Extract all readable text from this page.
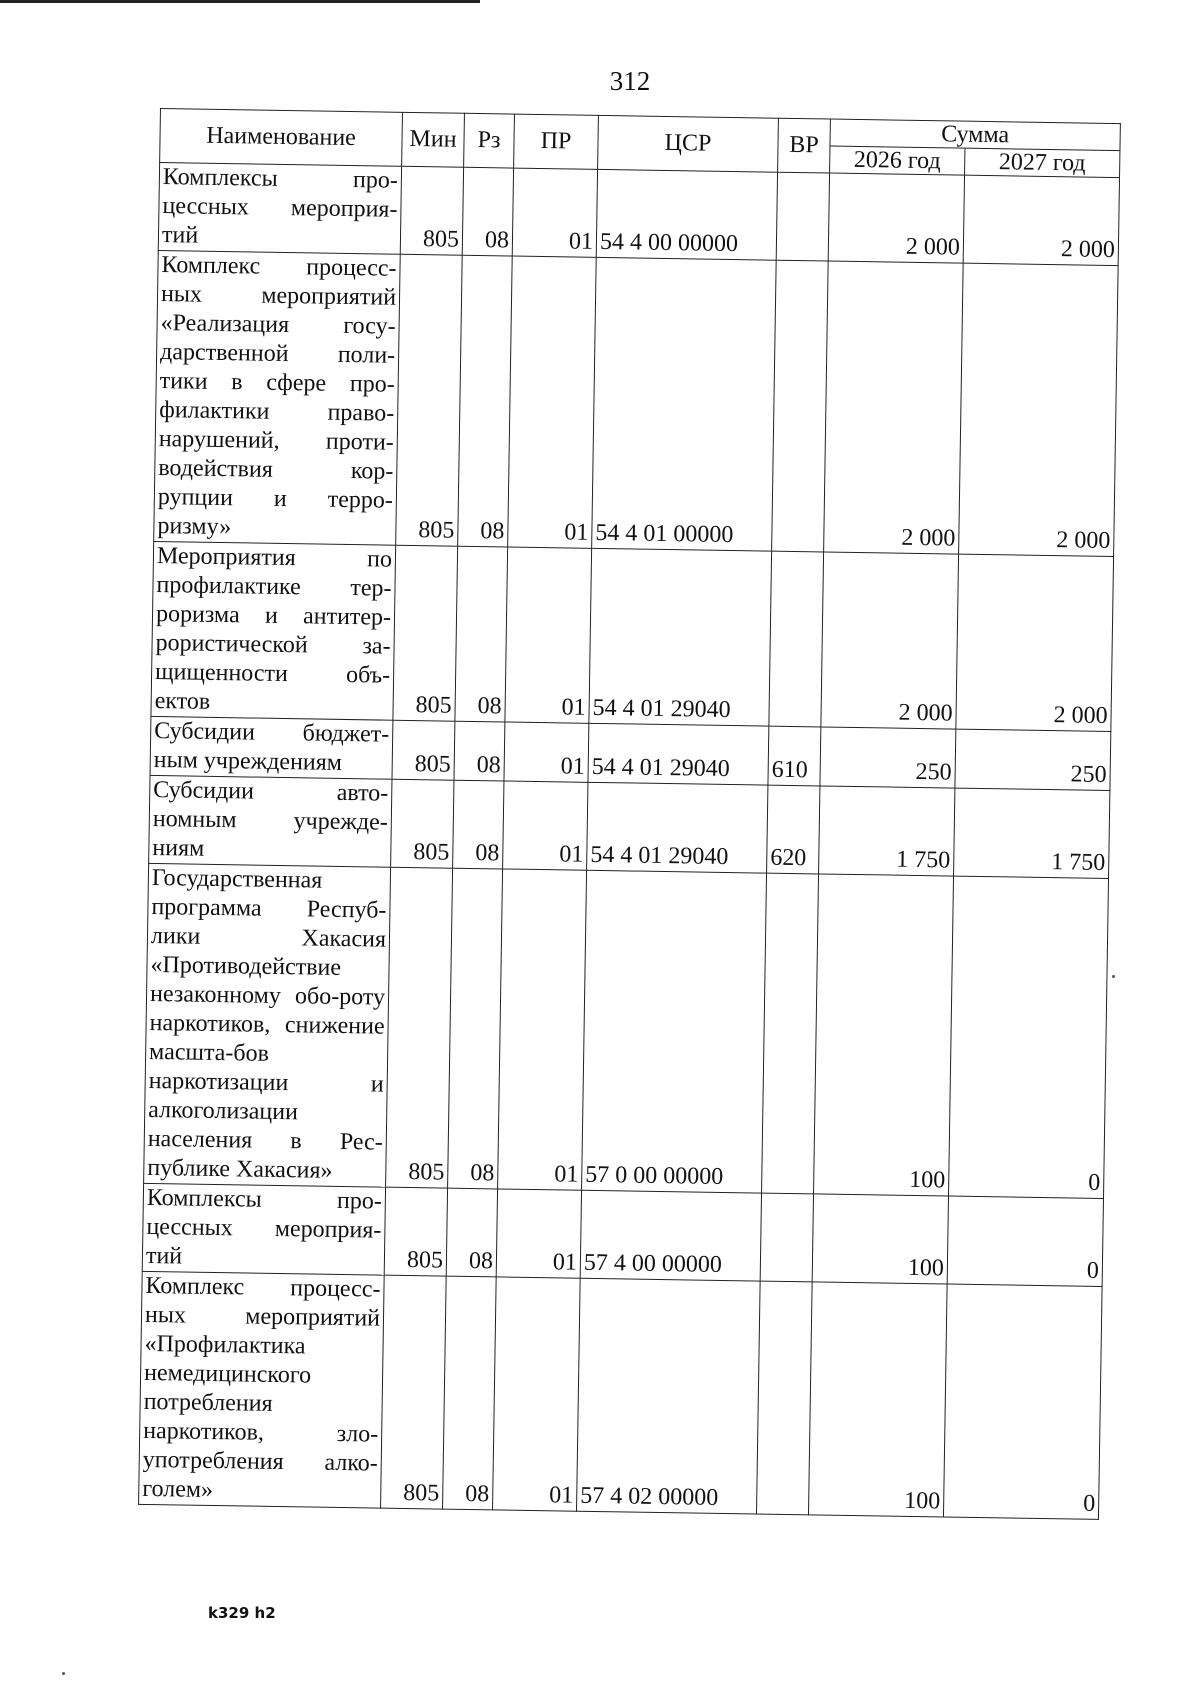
312
Наименование	Мин	Рз	ПР	ЦСР	ВР	Сумма	
						2026 год	2027 год
Комплексы про-цессных мероприя-тий	805	08	01	54 4 00 00000		2 000	2 000
Комплекс процесс-ных мероприятий «Реализация госу-дарственной поли-тики в сфере про-филактики право-нарушений, проти-водействия кор-рупции и терро-ризму»	805	08	01	54 4 01 00000		2 000	2 000
Мероприятия по профилактике тер-роризма и антитер-рористической за-щищенности объ-ектов	805	08	01	54 4 01 29040		2 000	2 000
Субсидии бюджет-ным учреждениям	805	08	01	54 4 01 29040	610	250	250
Субсидии авто-номным учрежде-ниям	805	08	01	54 4 01 29040	620	1 750	1 750
Государственная программа Респуб-лики Хакасия «Противодействие незаконному обо-роту наркотиков, снижение масшта-бов наркотизации и алкоголизации населения в Рес-публике Хакасия»	805	08	01	57 0 00 00000		100	0
Комплексы про-цессных мероприя-тий	805	08	01	57 4 00 00000		100	0
Комплекс процесс-ных мероприятий «Профилактика немедицинского потребления наркотиков, зло-употребления алко-голем»	805	08	01	57 4 02 00000		100	0
k329 h2
